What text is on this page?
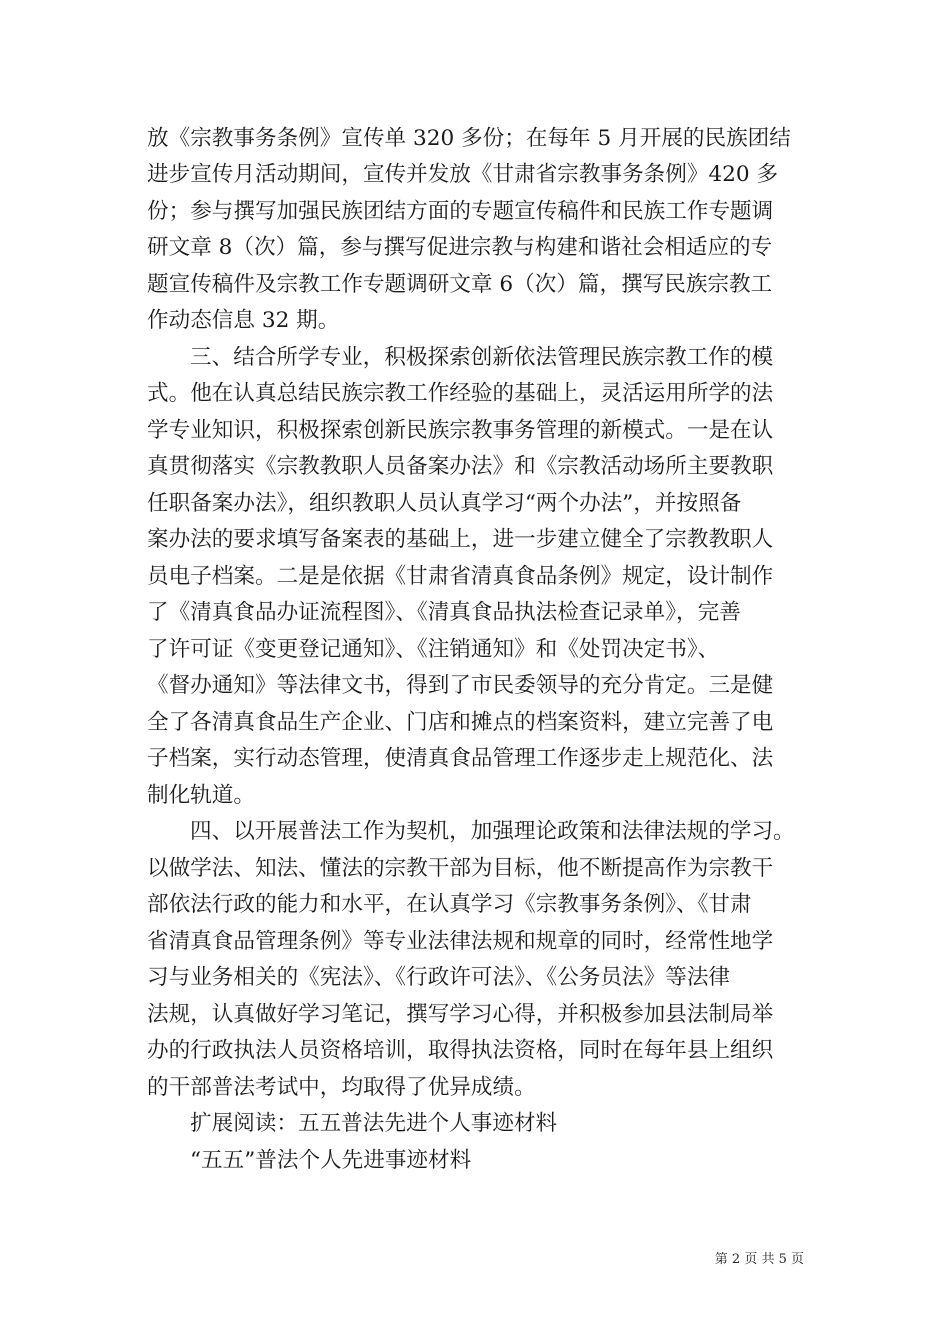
放《宗教事务条例》宣传单 320 多份；在每年 5 月开展的民族团结
进步宣传月活动期间，宣传并发放《甘肃省宗教事务条例》420 多
份；参与撰写加强民族团结方面的专题宣传稿件和民族工作专题调
研文章 8（次）篇，参与撰写促进宗教与构建和谐社会相适应的专
题宣传稿件及宗教工作专题调研文章 6（次）篇，撰写民族宗教工
作动态信息 32 期。
三、结合所学专业，积极探索创新依法管理民族宗教工作的模
式。他在认真总结民族宗教工作经验的基础上，灵活运用所学的法
学专业知识，积极探索创新民族宗教事务管理的新模式。一是在认
真贯彻落实《宗教教职人员备案办法》和《宗教活动场所主要教职
任职备案办法》，组织教职人员认真学习“两个办法”，并按照备
案办法的要求填写备案表的基础上，进一步建立健全了宗教教职人
员电子档案。二是是依据《甘肃省清真食品条例》规定，设计制作
了《清真食品办证流程图》、《清真食品执法检查记录单》，完善
了许可证《变更登记通知》、《注销通知》和《处罚决定书》、
《督办通知》等法律文书，得到了市民委领导的充分肯定。三是健
全了各清真食品生产企业、门店和摊点的档案资料，建立完善了电
子档案，实行动态管理，使清真食品管理工作逐步走上规范化、法
制化轨道。
四、以开展普法工作为契机，加强理论政策和法律法规的学习。
以做学法、知法、懂法的宗教干部为目标，他不断提高作为宗教干
部依法行政的能力和水平，在认真学习《宗教事务条例》、《甘肃
省清真食品管理条例》等专业法律法规和规章的同时，经常性地学
习与业务相关的《宪法》、《行政许可法》、《公务员法》等法律
法规，认真做好学习笔记，撰写学习心得，并积极参加县法制局举
办的行政执法人员资格培训，取得执法资格，同时在每年县上组织
的干部普法考试中，均取得了优异成绩。
扩展阅读：五五普法先进个人事迹材料
“五五”普法个人先进事迹材料
第 2 页 共 5 页
